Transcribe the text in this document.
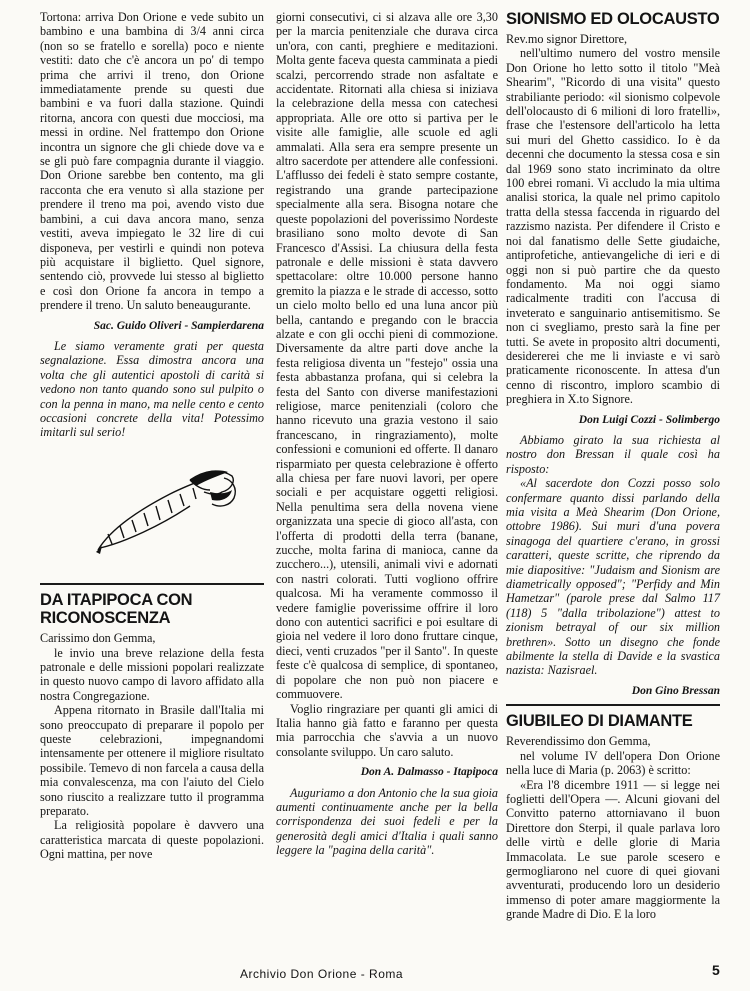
Tortona: arriva Don Orione e vede subito un bambino e una bambina di 3/4 anni circa (non so se fratello e sorella) poco e niente vestiti: dato che c'è ancora un po' di tempo prima che arrivi il treno, don Orione immediatamente prende su questi due bambini e va fuori dalla stazione. Quindi ritorna, ancora con questi due mocciosi, ma messi in ordine. Nel frattempo don Orione incontra un signore che gli chiede dove va e se gli può fare compagnia durante il viaggio. Don Orione sarebbe ben contento, ma gli racconta che era venuto sì alla stazione per prendere il treno ma poi, avendo visto due bambini, a cui dava ancora mano, senza vestiti, aveva impiegato le 32 lire di cui disponeva, per vestirli e quindi non poteva più acquistare il biglietto. Quel signore, sentendo ciò, provvede lui stesso al biglietto e così don Orione fa ancora in tempo a prendere il treno. Un saluto beneaugurante.

Sac. Guido Oliveri - Sampierdarena

Le siamo veramente grati per questa segnalazione. Essa dimostra ancora una volta che gli autentici apostoli di carità si vedono non tanto quando sono sul pulpito o con la penna in mano, ma nelle cento e cento occasioni concrete della vita! Potessimo imitarli sul serio!

DA ITAPIPOCA CON RICONOSCENZA

Carissimo don Gemma,

le invio una breve relazione della festa patronale e delle missioni popolari realizzate in questo nuovo campo di lavoro affidato alla nostra Congregazione.

Appena ritornato in Brasile dall'Italia mi sono preoccupato di preparare il popolo per queste celebrazioni, impegnandomi intensamente per ottenere il migliore risultato possibile. Temevo di non farcela a causa della mia convalescenza, ma con l'aiuto del Cielo sono riuscito a realizzare tutto il programma preparato.

La religiosità popolare è davvero una caratteristica marcata di queste popolazioni. Ogni mattina, per nove

giorni consecutivi, ci si alzava alle ore 3,30 per la marcia penitenziale che durava circa un'ora, con canti, preghiere e meditazioni. Molta gente faceva questa camminata a piedi scalzi, percorrendo strade non asfaltate e accidentate. Ritornati alla chiesa si iniziava la celebrazione della messa con catechesi appropriata. Alle ore otto si partiva per le visite alle famiglie, alle scuole ed agli ammalati. Alla sera era sempre presente un altro sacerdote per attendere alle confessioni. L'afflusso dei fedeli è stato sempre costante, registrando una grande partecipazione specialmente alla sera. Bisogna notare che queste popolazioni del poverissimo Nordeste brasiliano sono molto devote di San Francesco d'Assisi. La chiusura della festa patronale e delle missioni è stata davvero spettacolare: oltre 10.000 persone hanno gremito la piazza e le strade di accesso, sotto un cielo molto bello ed una luna ancor più bella, cantando e pregando con le braccia alzate e con gli occhi pieni di commozione. Diversamente da altre parti dove anche la festa religiosa diventa un "festejo" ossia una festa abbastanza profana, qui si celebra la festa del Santo con diverse manifestazioni religiose, marce penitenziali (coloro che hanno ricevuto una grazia vestono il saio francescano, in ringraziamento), molte confessioni e comunioni ed offerte. Il danaro risparmiato per questa celebrazione è offerto alla chiesa per fare nuovi lavori, per opere sociali e per acquistare oggetti religiosi. Nella penultima sera della novena viene organizzata una specie di gioco all'asta, con l'offerta di prodotti della terra (banane, zucche, molta farina di manioca, canne da zucchero...), utensili, animali vivi e adornati con nastri colorati. Tutti vogliono offrire qualcosa. Mi ha veramente commosso il vedere famiglie poverissime offrire il loro dono con autentici sacrifici e poi esultare di gioia nel vedere il loro dono fruttare cinque, dieci, venti cruzados "per il Santo". In queste feste c'è qualcosa di semplice, di spontaneo, di popolare che non può non piacere e commuovere.

Voglio ringraziare per quanti gli amici di Italia hanno già fatto e faranno per questa mia parrocchia che s'avvia a un nuovo consolante sviluppo. Un caro saluto.

Don A. Dalmasso - Itapipoca

Auguriamo a don Antonio che la sua gioia aumenti continuamente anche per la bella corrispondenza dei suoi fedeli e per la generosità degli amici d'Italia i quali sanno leggere la "pagina della carità".

SIONISMO ED OLOCAUSTO

Rev.mo signor Direttore,

nell'ultimo numero del vostro mensile Don Orione ho letto sotto il titolo "Meà Shearim", "Ricordo di una visita" questo strabiliante periodo: «il sionismo colpevole dell'olocausto di 6 milioni di loro fratelli», frase che l'estensore dell'articolo ha letta sui muri del Ghetto cassidico. Io è da decenni che documento la stessa cosa e sin dal 1969 sono stato incriminato da oltre 100 ebrei romani. Vi accludo la mia ultima analisi storica, la quale nel primo capitolo tratta della stessa faccenda in riguardo del razzismo nazista. Per difendere il Cristo e noi dal fanatismo delle Sette giudaiche, antiprofetiche, antievangeliche di ieri e di oggi non si può partire che da questo fondamento. Ma noi oggi siamo radicalmente traditi con l'accusa di inveterato e sanguinario antisemitismo. Se non ci svegliamo, presto sarà la fine per tutti. Se avete in proposito altri documenti, desidererei che me li inviaste e vi sarò praticamente riconoscente. In attesa d'un cenno di riscontro, imploro scambio di preghiera in X.to Signore.

Don Luigi Cozzi - Solimbergo

Abbiamo girato la sua richiesta al nostro don Bressan il quale così ha risposto:

«Al sacerdote don Cozzi posso solo confermare quanto dissi parlando della mia visita a Meà Shearim (Don Orione, ottobre 1986). Sui muri d'una povera sinagoga del quartiere c'erano, in grossi caratteri, queste scritte, che riprendo da mie diapositive: "Judaism and Sionism are diametrically opposed"; "Perfidy and Min Hametzar" (parole prese dal Salmo 117 (118) 5 "dalla tribolazione") attest to zionism betrayal of our six million brethren». Sotto un disegno che fonde abilmente la stella di Davide e la svastica nazista: Nazisrael.

Don Gino Bressan

GIUBILEO DI DIAMANTE

Reverendissimo don Gemma,

nel volume IV dell'opera Don Orione nella luce di Maria (p. 2063) è scritto:

«Era l'8 dicembre 1911 — si legge nei foglietti dell'Opera —. Alcuni giovani del Convitto paterno attorniavano il buon Direttore don Sterpi, il quale parlava loro delle virtù e delle glorie di Maria Immacolata. Le sue parole scesero e germogliarono nel cuore di quei giovani avventurati, producendo loro un desiderio immenso di poter amare maggiormente la grande Madre di Dio. E la loro

Archivio Don Orione - Roma	5
